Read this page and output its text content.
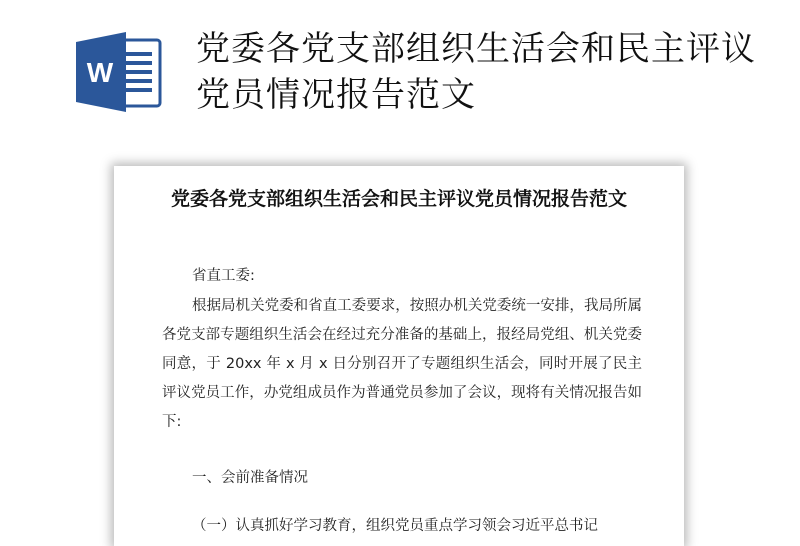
W
党委各党支部组织生活会和民主评议党员情况报告范文
党委各党支部组织生活会和民主评议党员情况报告范文

省直工委:

根据局机关党委和省直工委要求，按照办机关党委统一安排，我局所属各党支部专题组织生活会在经过充分准备的基础上，报经局党组、机关党委同意，于 20xx 年 x 月 x 日分别召开了专题组织生活会，同时开展了民主评议党员工作，办党组成员作为普通党员参加了会议，现将有关情况报告如下:

一、会前准备情况

（一）认真抓好学习教育，组织党员重点学习领会习近平总书记
